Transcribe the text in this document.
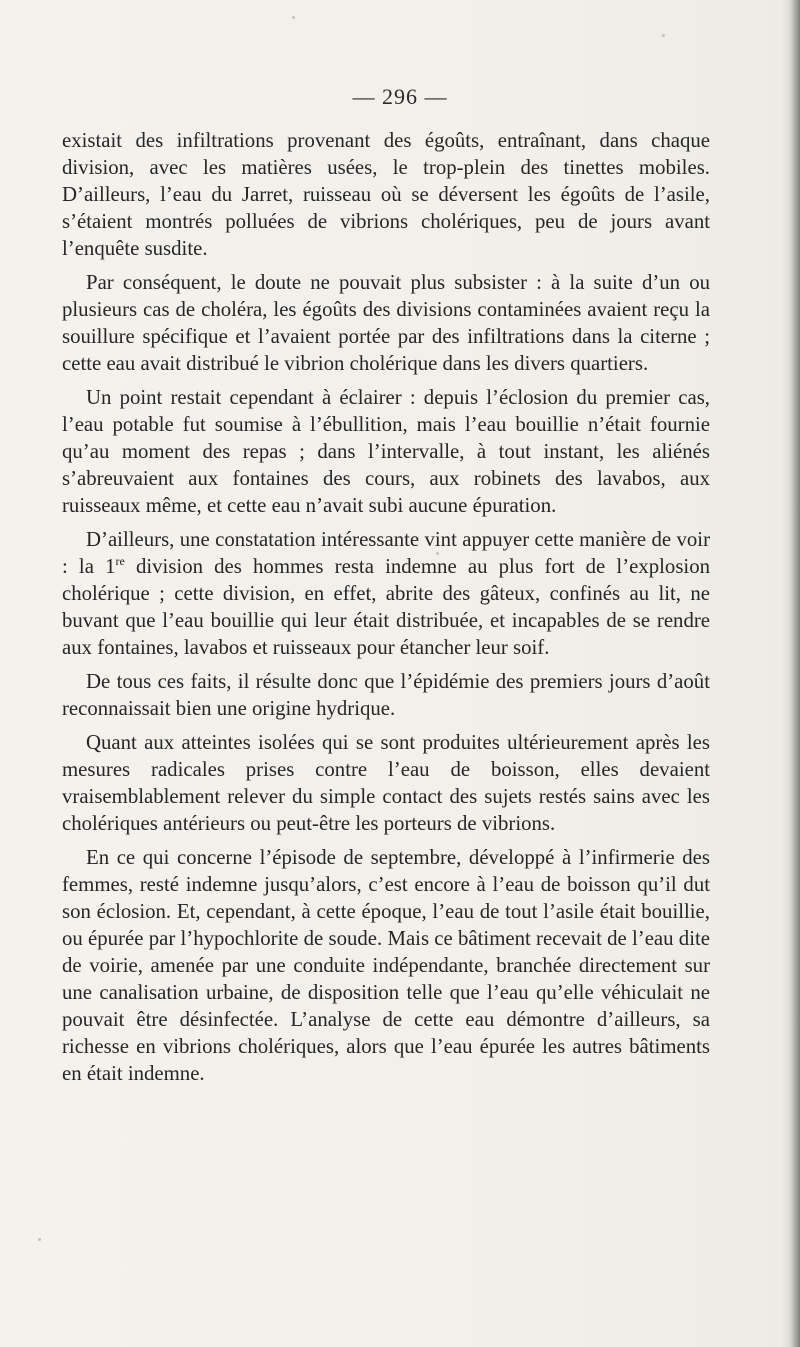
— 296 —

existait des infiltrations provenant des égoûts, entraînant, dans chaque division, avec les matières usées, le trop-plein des tinettes mobiles. D’ailleurs, l’eau du Jarret, ruisseau où se déversent les égoûts de l’asile, s’étaient montrés polluées de vibrions cholériques, peu de jours avant l’enquête susdite.

Par conséquent, le doute ne pouvait plus subsister : à la suite d’un ou plusieurs cas de choléra, les égoûts des divisions contaminées avaient reçu la souillure spécifique et l’avaient portée par des infiltrations dans la citerne ; cette eau avait distribué le vibrion cholérique dans les divers quartiers.

Un point restait cependant à éclairer : depuis l’éclosion du premier cas, l’eau potable fut soumise à l’ébullition, mais l’eau bouillie n’était fournie qu’au moment des repas ; dans l’intervalle, à tout instant, les aliénés s’abreuvaient aux fontaines des cours, aux robinets des lavabos, aux ruisseaux même, et cette eau n’avait subi aucune épuration.

D’ailleurs, une constatation intéressante vint appuyer cette manière de voir : la 1re division des hommes resta indemne au plus fort de l’explosion cholérique ; cette division, en effet, abrite des gâteux, confinés au lit, ne buvant que l’eau bouillie qui leur était distribuée, et incapables de se rendre aux fontaines, lavabos et ruisseaux pour étancher leur soif.

De tous ces faits, il résulte donc que l’épidémie des premiers jours d’août reconnaissait bien une origine hydrique.

Quant aux atteintes isolées qui se sont produites ultérieurement après les mesures radicales prises contre l’eau de boisson, elles devaient vraisemblablement relever du simple contact des sujets restés sains avec les cholériques antérieurs ou peut-être les porteurs de vibrions.

En ce qui concerne l’épisode de septembre, développé à l’infirmerie des femmes, resté indemne jusqu’alors, c’est encore à l’eau de boisson qu’il dut son éclosion. Et, cependant, à cette époque, l’eau de tout l’asile était bouillie, ou épurée par l’hypochlorite de soude. Mais ce bâtiment recevait de l’eau dite de voirie, amenée par une conduite indépendante, branchée directement sur une canalisation urbaine, de disposition telle que l’eau qu’elle véhiculait ne pouvait être désinfectée. L’analyse de cette eau démontre d’ailleurs, sa richesse en vibrions cholériques, alors que l’eau épurée les autres bâtiments en était indemne.
